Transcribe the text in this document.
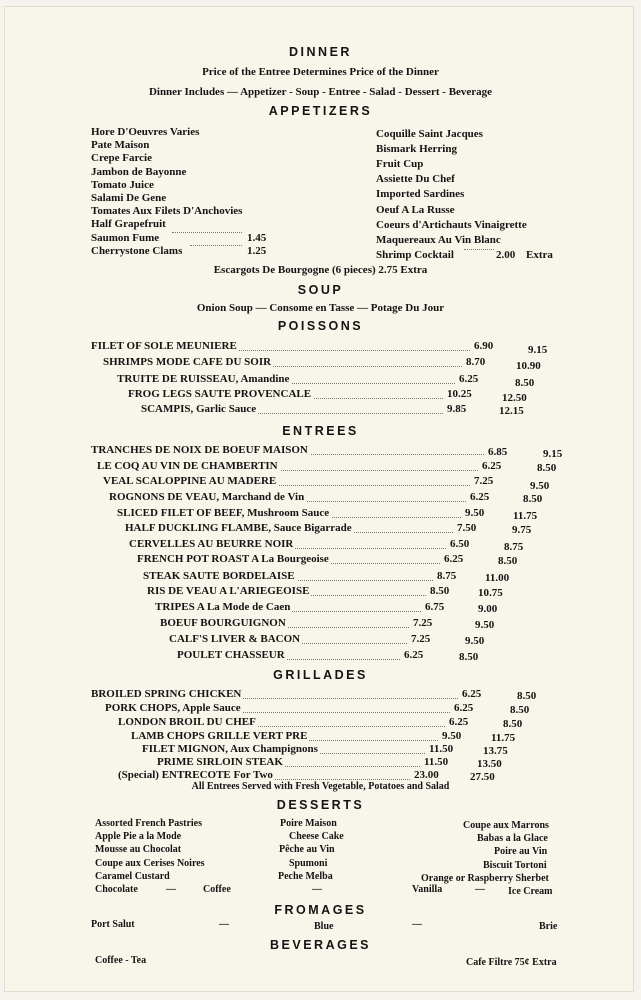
DINNER
Price of the Entree Determines Price of the Dinner
Dinner Includes — Appetizer - Soup - Entree - Salad - Dessert - Beverage
APPETIZERS
Hore D'Oeuvres Varies
Pate Maison
Crepe Farcie
Jambon de Bayonne
Tomato Juice
Salami De Gene
Tomates Aux Filets D'Anchovies
Half Grapefruit
Saumon Fume	1.45
Cherrystone Clams	1.25
Coquille Saint Jacques
Bismark Herring
Fruit Cup
Assiette Du Chef
Imported Sardines
Oeuf A La Russe
Coeurs d'Artichauts Vinaigrette
Maquereaux Au Vin Blanc
Shrimp Cocktail	2.00 Extra
Escargots De Bourgogne (6 pieces) 2.75 Extra
SOUP
Onion Soup — Consome en Tasse — Potage Du Jour
POISSONS
FILET OF SOLE MEUNIERE	6.90	9.15
SHRIMPS MODE CAFE DU SOIR	8.70	10.90
TRUITE DE RUISSEAU, Amandine	6.25	8.50
FROG LEGS SAUTE PROVENCALE	10.25	12.50
SCAMPIS, Garlic Sauce	9.85	12.15
ENTREES
TRANCHES DE NOIX DE BOEUF MAISON	6.85	9.15
LE COQ AU VIN DE CHAMBERTIN	6.25	8.50
VEAL SCALOPPINE AU MADERE	7.25	9.50
ROGNONS DE VEAU, Marchand de Vin	6.25	8.50
SLICED FILET OF BEEF, Mushroom Sauce	9.50	11.75
HALF DUCKLING FLAMBE, Sauce Bigarrade	7.50	9.75
CERVELLES AU BEURRE NOIR	6.50	8.75
FRENCH POT ROAST A La Bourgeoise	6.25	8.50
STEAK SAUTE BORDELAISE	8.75	11.00
RIS DE VEAU A L'ARIEGEOISE	8.50	10.75
TRIPES A La Mode de Caen	6.75	9.00
BOEUF BOURGUIGNON	7.25	9.50
CALF'S LIVER & BACON	7.25	9.50
POULET CHASSEUR	6.25	8.50
GRILLADES
BROILED SPRING CHICKEN	6.25	8.50
PORK CHOPS, Apple Sauce	6.25	8.50
LONDON BROIL DU CHEF	6.25	8.50
LAMB CHOPS GRILLE VERT PRE	9.50	11.75
FILET MIGNON, Aux Champignons	11.50	13.75
PRIME SIRLOIN STEAK	11.50	13.50
(Special) ENTRECOTE For Two	23.00	27.50
All Entrees Served with Fresh Vegetable, Potatoes and Salad
DESSERTS
Assorted French Pastries
Apple Pie a la Mode
Mousse au Chocolat
Coupe aux Cerises Noires
Caramel Custard
Poire Maison
Cheese Cake
Pêche au Vin
Spumoni
Peche Melba
Coupe aux Marrons
Babas a la Glace
Poire au Vin
Biscuit Tortoni
Orange or Raspberry Sherbet
Chocolate	—	Coffee	—	Vanilla	— Ice Cream
FROMAGES
Port Salut	—	Blue	—	Brie
BEVERAGES
Coffee - Tea	Cafe Filtre 75¢ Extra
